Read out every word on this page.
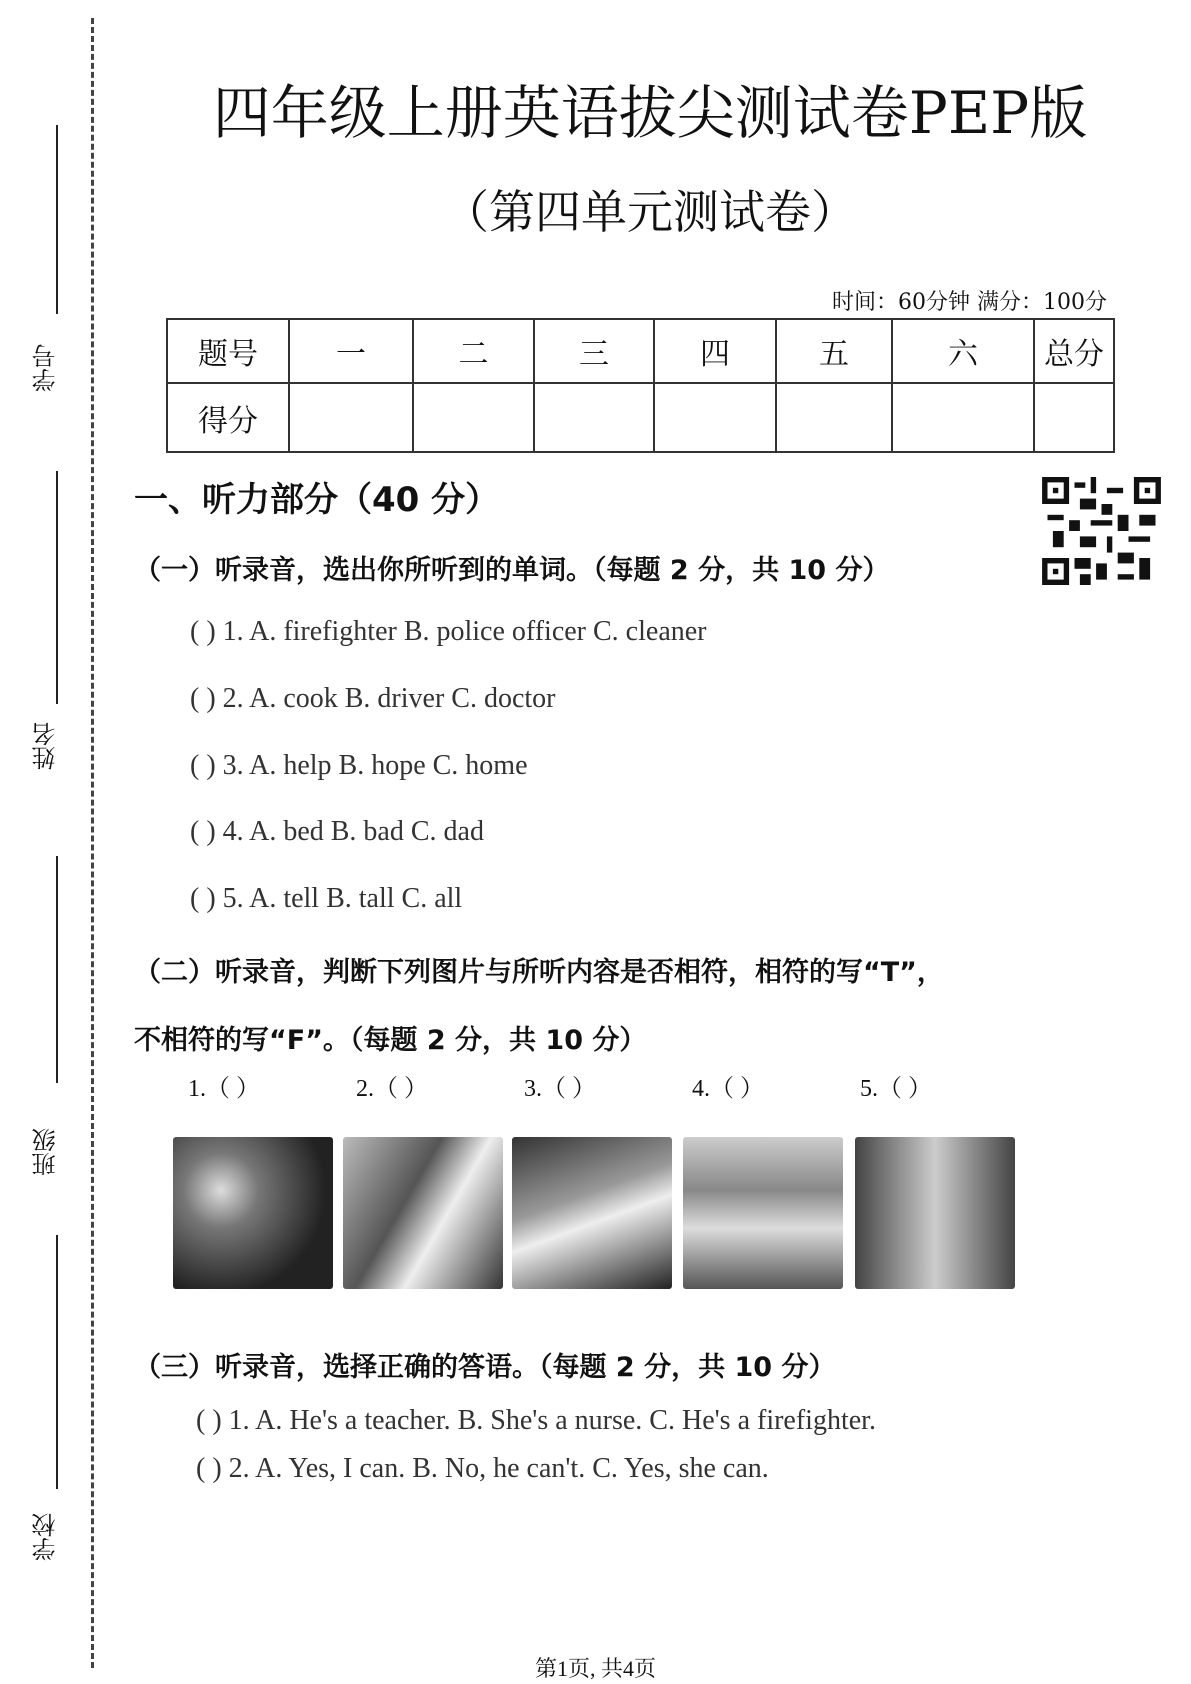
学号
姓名
班级
学校
四年级上册英语拔尖测试卷PEP版
（第四单元测试卷）
时间：60分钟 满分：100分
题号	一	二	三	四	五	六	总分
得分							
一、听力部分（40 分）
（一）听录音，选出你所听到的单词。（每题 2 分，共 10 分）
( ) 1. A. firefighter B. police officer C. cleaner
( ) 2. A. cook B. driver C. doctor
( ) 3. A. help B. hope C. home
( ) 4. A. bed B. bad C. dad
( ) 5. A. tell B. tall C. all
（二）听录音，判断下列图片与所听内容是否相符，相符的写“T”，
不相符的写“F”。（每题 2 分，共 10 分）
1.（ ）	2.（ ）	3.（ ）	4.（ ）	5.（ ）
（三）听录音，选择正确的答语。（每题 2 分，共 10 分）
( ) 1. A. He's a teacher. B. She's a nurse. C. He's a firefighter.
( ) 2. A. Yes, I can. B. No, he can't. C. Yes, she can.
第1页, 共4页
